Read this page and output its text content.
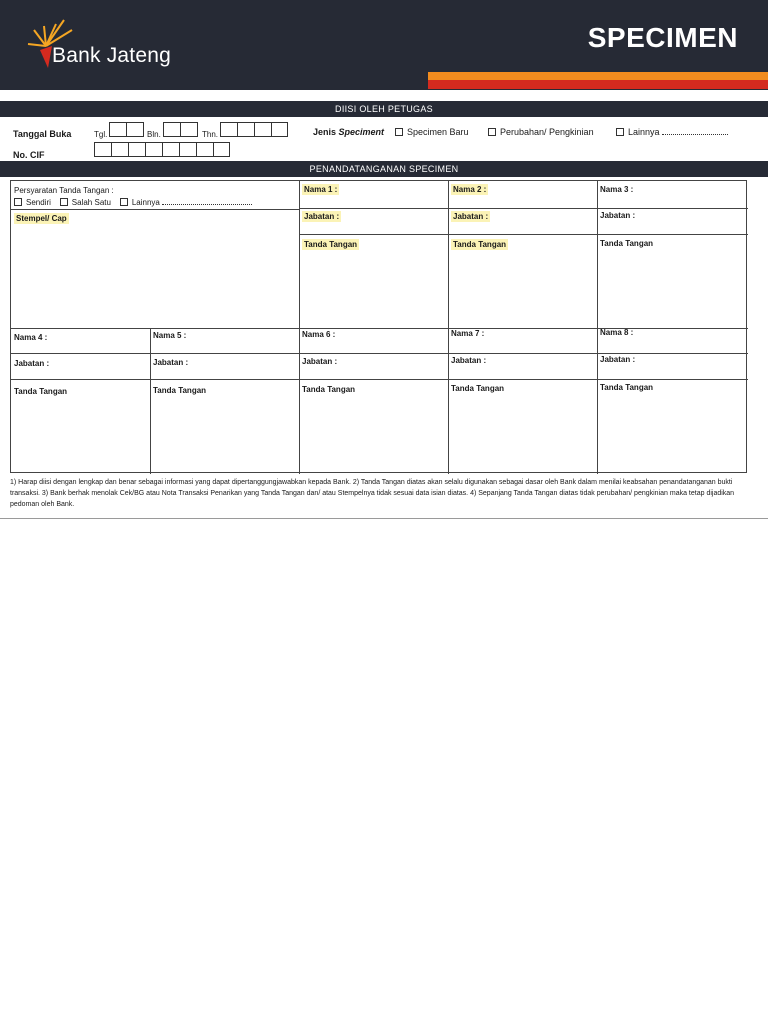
Bank Jateng
SPECIMEN
DIISI OLEH PETUGAS
Tanggal Buka	Tgl.	Bln.	Thn.	Jenis Speciment	Specimen Baru	Perubahan/ Pengkinian	Lainnya
No. CIF
PENANDATANGANAN SPECIMEN
Persyaratan Tanda Tangan :
Sendiri	Salah Satu	Lainnya
Stempel/ Cap
Nama 1 :	Nama 2 :	Nama 3 :
Jabatan :	Jabatan :	Jabatan :
Tanda Tangan	Tanda Tangan	Tanda Tangan
Nama 4 :	Nama 5 :	Nama 6 :	Nama 7 :	Nama 8 :
Jabatan :	Jabatan :	Jabatan :	Jabatan :	Jabatan :
Tanda Tangan	Tanda Tangan	Tanda Tangan	Tanda Tangan	Tanda Tangan
1) Harap diisi dengan lengkap dan benar sebagai informasi yang dapat dipertanggungjawabkan kepada Bank. 2) Tanda Tangan diatas akan selalu digunakan sebagai dasar oleh Bank dalam menilai keabsahan penandatanganan bukti transaksi. 3) Bank berhak menolak Cek/BG atau Nota Transaksi Penarikan yang Tanda Tangan dan/ atau Stempelnya tidak sesuai data isian diatas. 4) Sepanjang Tanda Tangan diatas tidak perubahan/ pengkinian maka tetap dijadikan pedoman oleh Bank.
